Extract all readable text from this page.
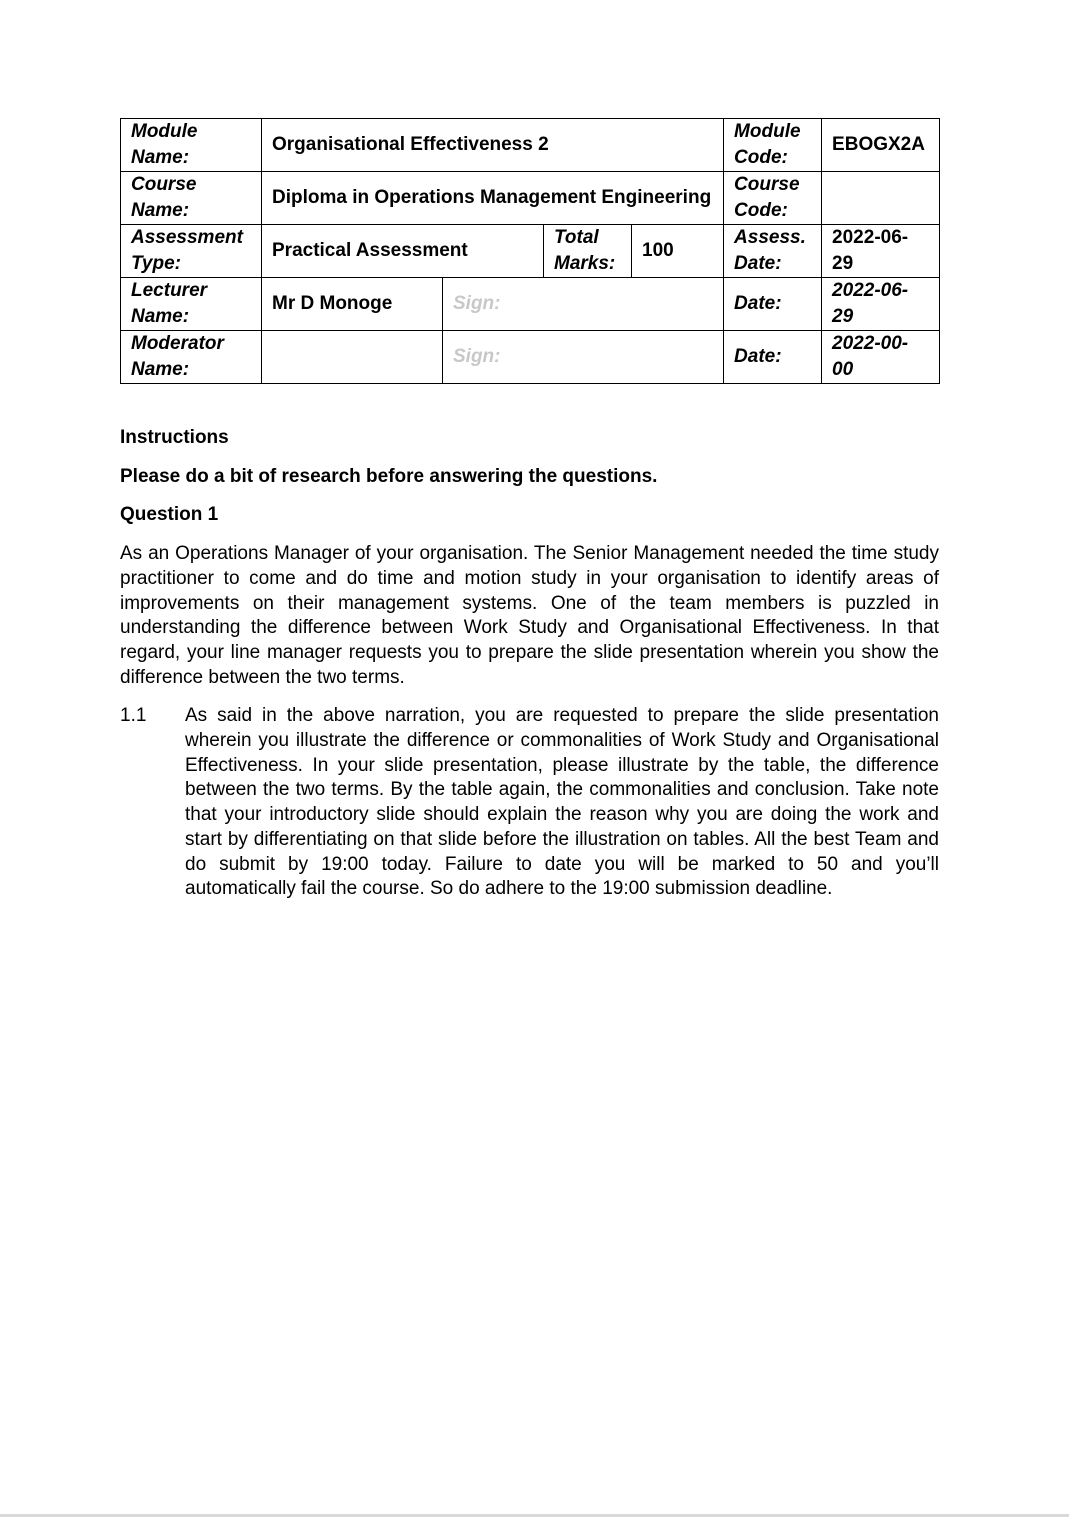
Module Name:	Organisational Effectiveness 2				Module Code:	EBOGX2A
Course Name:	Diploma in Operations Management Engineering				Course Code:	
Assessment Type:	Practical Assessment		Total Marks:	100	Assess. Date:	2022-06-29
Lecturer Name:	Mr D Monoge	Sign:			Date:	2022-06-29
Moderator Name:		Sign:			Date:	2022-00-00

Instructions

Please do a bit of research before answering the questions.

Question 1

As an Operations Manager of your organisation. The Senior Management needed the time study practitioner to come and do time and motion study in your organisation to identify areas of improvements on their management systems. One of the team members is puzzled in understanding the difference between Work Study and Organisational Effectiveness. In that regard, your line manager requests you to prepare the slide presentation wherein you show the difference between the two terms.

1.1	As said in the above narration, you are requested to prepare the slide presentation wherein you illustrate the difference or commonalities of Work Study and Organisational Effectiveness. In your slide presentation, please illustrate by the table, the difference between the two terms. By the table again, the commonalities and conclusion. Take note that your introductory slide should explain the reason why you are doing the work and start by differentiating on that slide before the illustration on tables. All the best Team and do submit by 19:00 today. Failure to date you will be marked to 50 and you’ll automatically fail the course. So do adhere to the 19:00 submission deadline.
